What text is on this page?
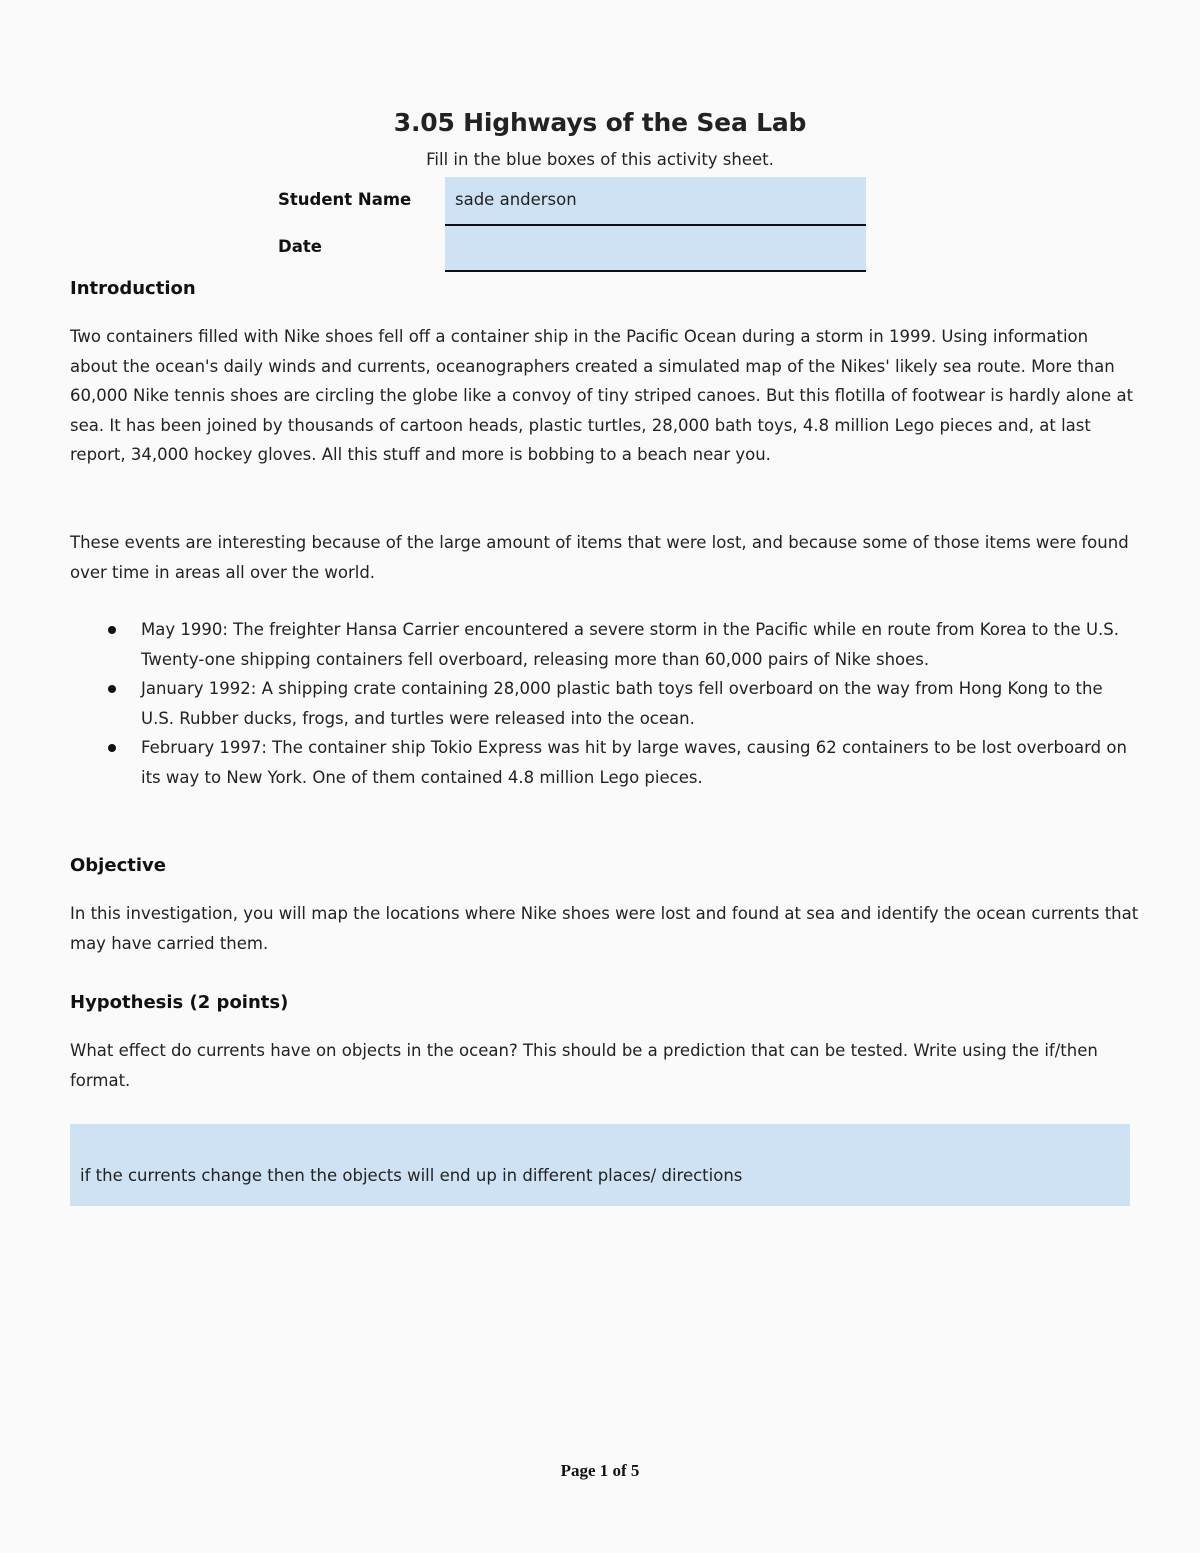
3.05 Highways of the Sea Lab
Fill in the blue boxes of this activity sheet.
Student Name	sade anderson
Date
Introduction

Two containers filled with Nike shoes fell off a container ship in the Pacific Ocean during a storm in 1999. Using information about the ocean's daily winds and currents, oceanographers created a simulated map of the Nikes' likely sea route. More than 60,000 Nike tennis shoes are circling the globe like a convoy of tiny striped canoes. But this flotilla of footwear is hardly alone at sea. It has been joined by thousands of cartoon heads, plastic turtles, 28,000 bath toys, 4.8 million Lego pieces and, at last report, 34,000 hockey gloves. All this stuff and more is bobbing to a beach near you.

These events are interesting because of the large amount of items that were lost, and because some of those items were found over time in areas all over the world.

May 1990: The freighter Hansa Carrier encountered a severe storm in the Pacific while en route from Korea to the U.S. Twenty-one shipping containers fell overboard, releasing more than 60,000 pairs of Nike shoes.
January 1992: A shipping crate containing 28,000 plastic bath toys fell overboard on the way from Hong Kong to the U.S. Rubber ducks, frogs, and turtles were released into the ocean.
February 1997: The container ship Tokio Express was hit by large waves, causing 62 containers to be lost overboard on its way to New York. One of them contained 4.8 million Lego pieces.
Objective

In this investigation, you will map the locations where Nike shoes were lost and found at sea and identify the ocean currents that may have carried them.

Hypothesis (2 points)

What effect do currents have on objects in the ocean? This should be a prediction that can be tested. Write using the if/then format.

if the currents change then the objects will end up in different places/ directions
Page 1 of 5
